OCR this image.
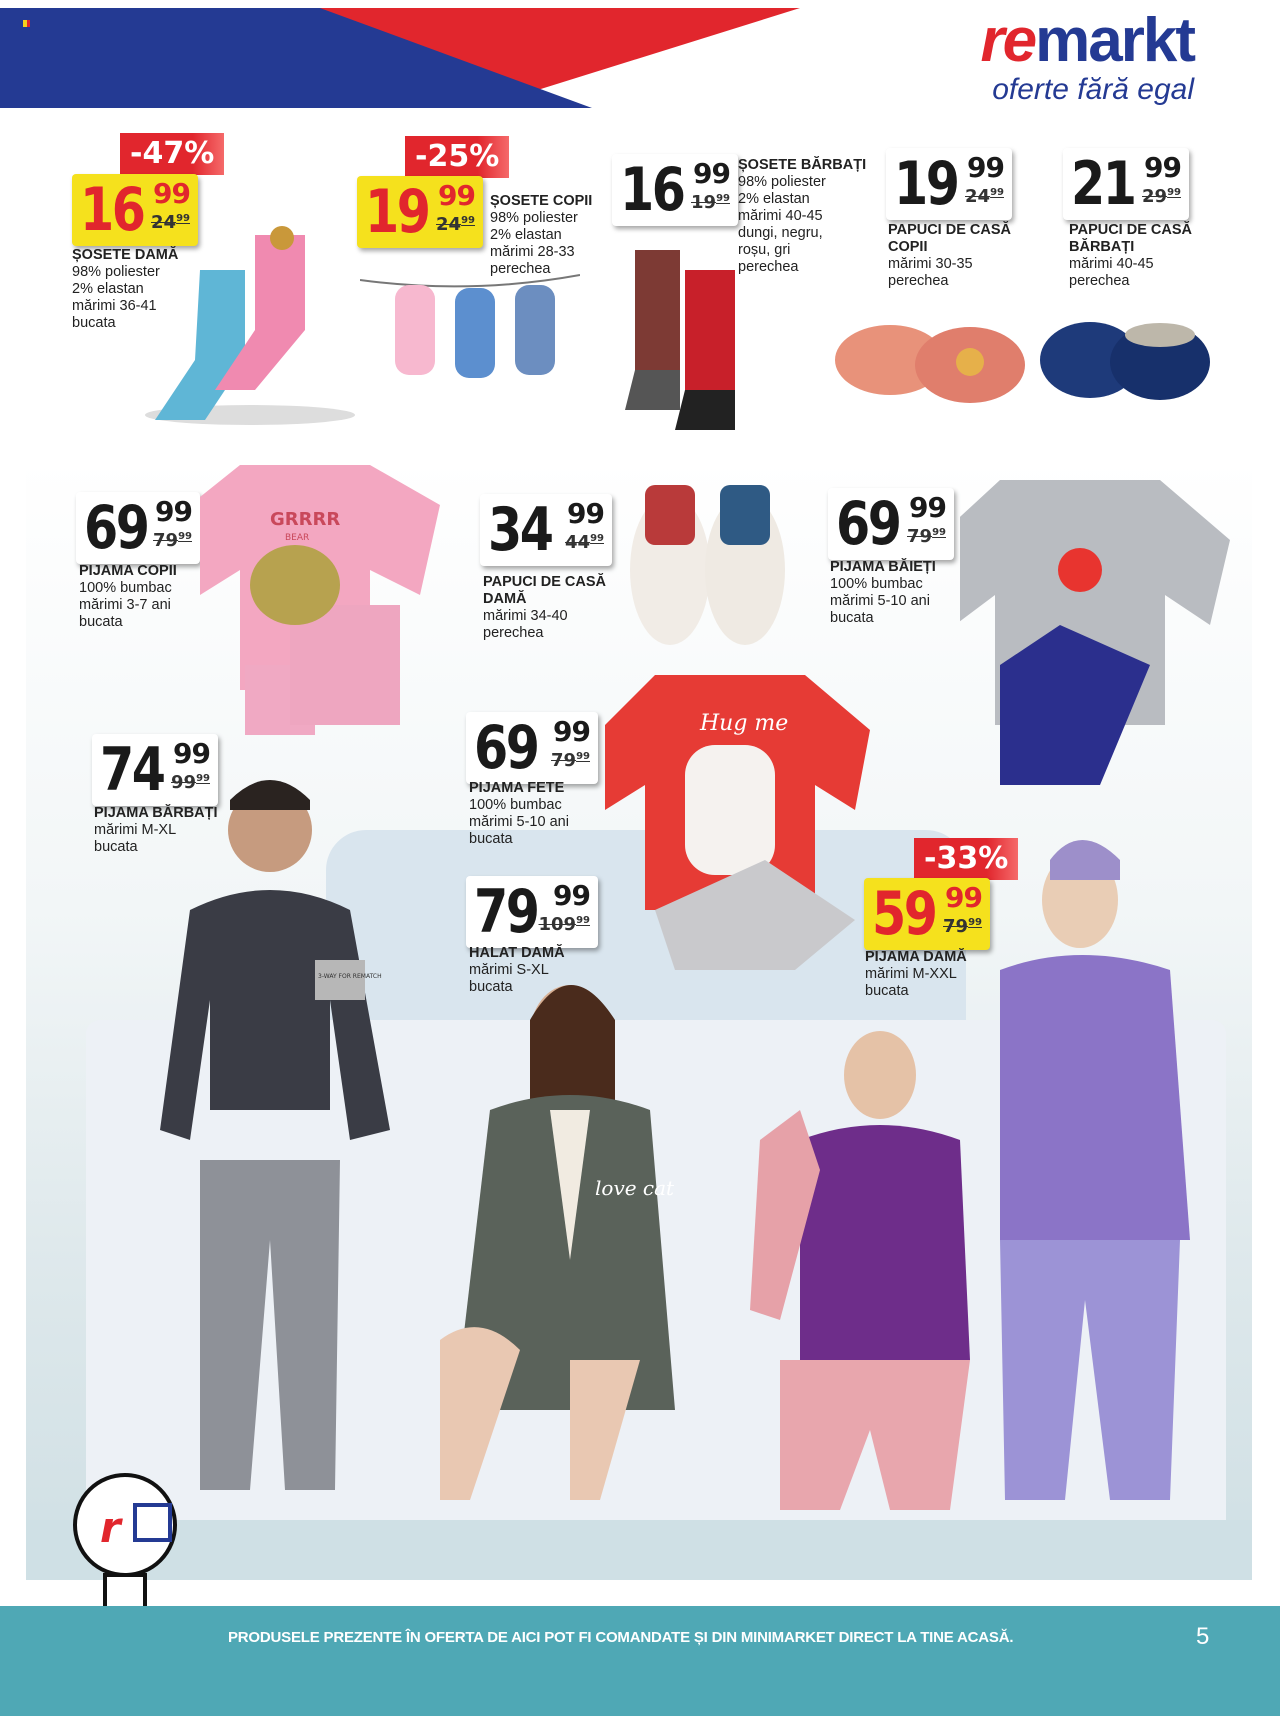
remarkt
oferte fără egal
-47%
16 99
$24^{99}$
ȘOSETE DAMĂ
98% poliester
2% elastan
mărimi 36-41
bucata
-25%
19 99
$24^{99}$
ȘOSETE COPII
98% poliester
2% elastan
mărimi 28-33
perechea
16 99
$19^{99}$
ȘOSETE BĂRBAȚI
98% poliester
2% elastan
mărimi 40-45
dungi, negru,
roșu, gri
perechea
19 99
$24^{99}$
PAPUCI DE CASĂ COPII
mărimi 30-35
perechea
21 99
$29^{99}$
PAPUCI DE CASĂ BĂRBAȚI
mărimi 40-45
perechea
69 99
$79^{99}$
PIJAMA COPII
100% bumbac
mărimi 3-7 ani
bucata
GRRRR
BEAR	34 99
$44^{99}$
PAPUCI DE CASĂ DAMĂ
mărimi 34-40
perechea
69 99
$79^{99}$
PIJAMA BĂIEȚI
100% bumbac
mărimi 5-10 ani
bucata
74 99
$99^{99}$
PIJAMA BĂRBAȚI
mărimi M-XL
bucata
69 99
$79^{99}$
PIJAMA FETE
100% bumbac
mărimi 5-10 ani
bucata
Hug me
79 99
$109^{99}$
HALAT DAMĂ
mărimi S-XL
bucata
-33%
59 99
$79^{99}$
PIJAMA DAMĂ
mărimi M-XXL
bucata
3-WAY FOR REMATCH
love cat
r
PRODUSELE PREZENTE ÎN OFERTA DE AICI POT FI COMANDATE ȘI DIN MINIMARKET DIRECT LA TINE ACASĂ.	5
